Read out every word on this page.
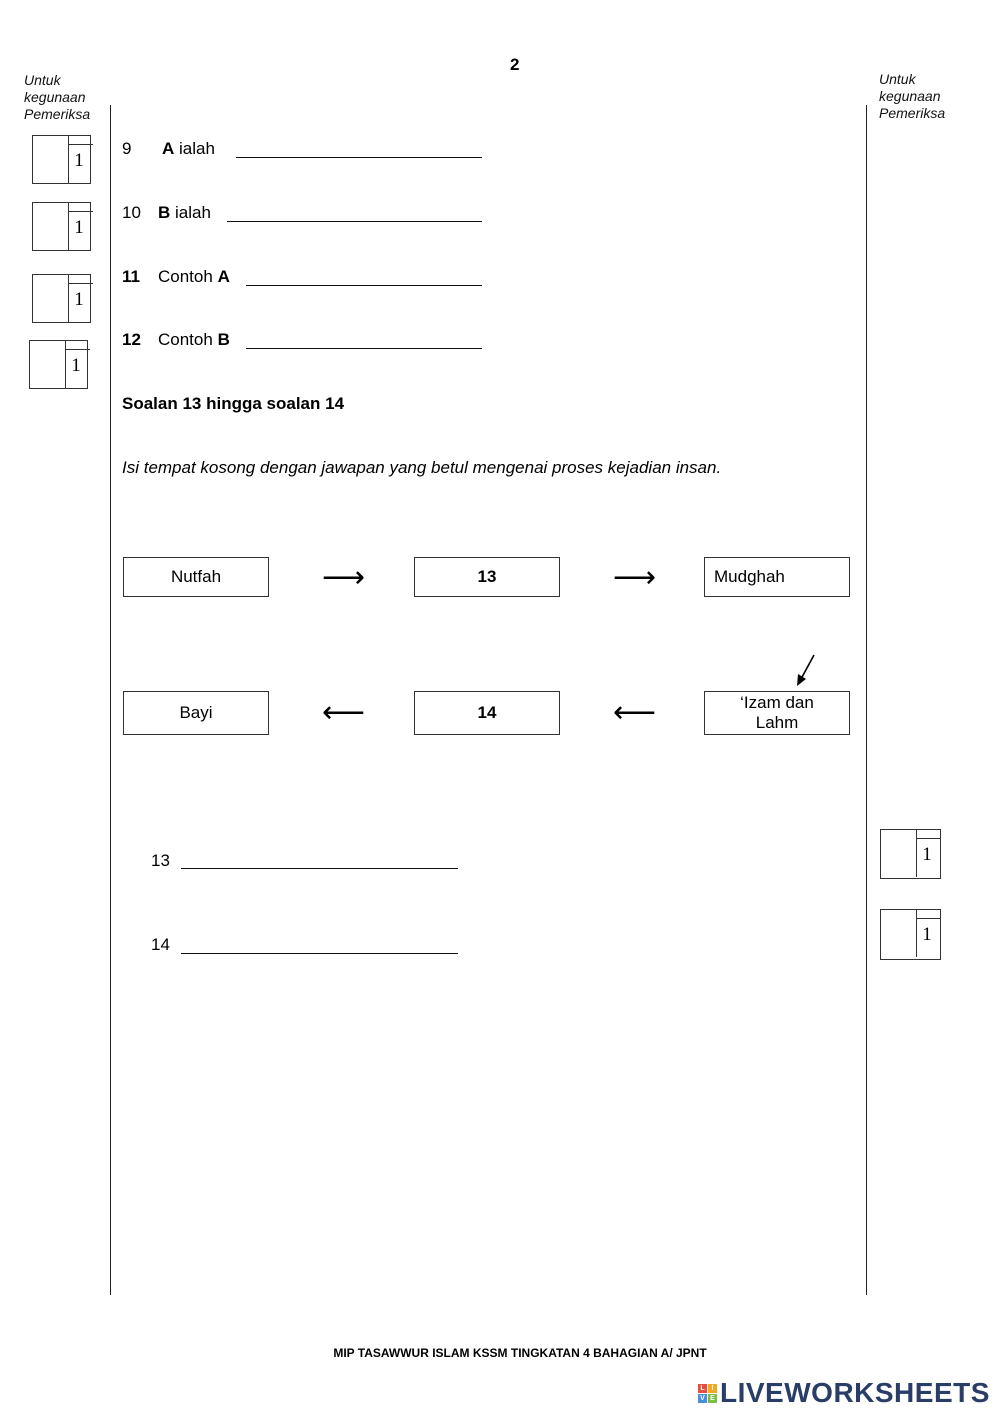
2
Untuk
kegunaan
Pemeriksa
Untuk
kegunaan
Pemeriksa
1
1
1
1
1
1
9	A
ialah
10	B
ialah
11	Contoh
A
12	Contoh
B
Soalan 13 hingga soalan 14
Isi tempat kosong dengan jawapan yang betul mengenai proses kejadian insan.
Nutfah	⟶	13	⟶	Mudghah
Bayi	⟵	14	⟵	‘Izam dan
Lahm
13
14
MIP TASAWWUR ISLAM KSSM TINGKATAN 4 BAHAGIAN A/ JPNT
L I
V E LIVEWORKSHEETS
